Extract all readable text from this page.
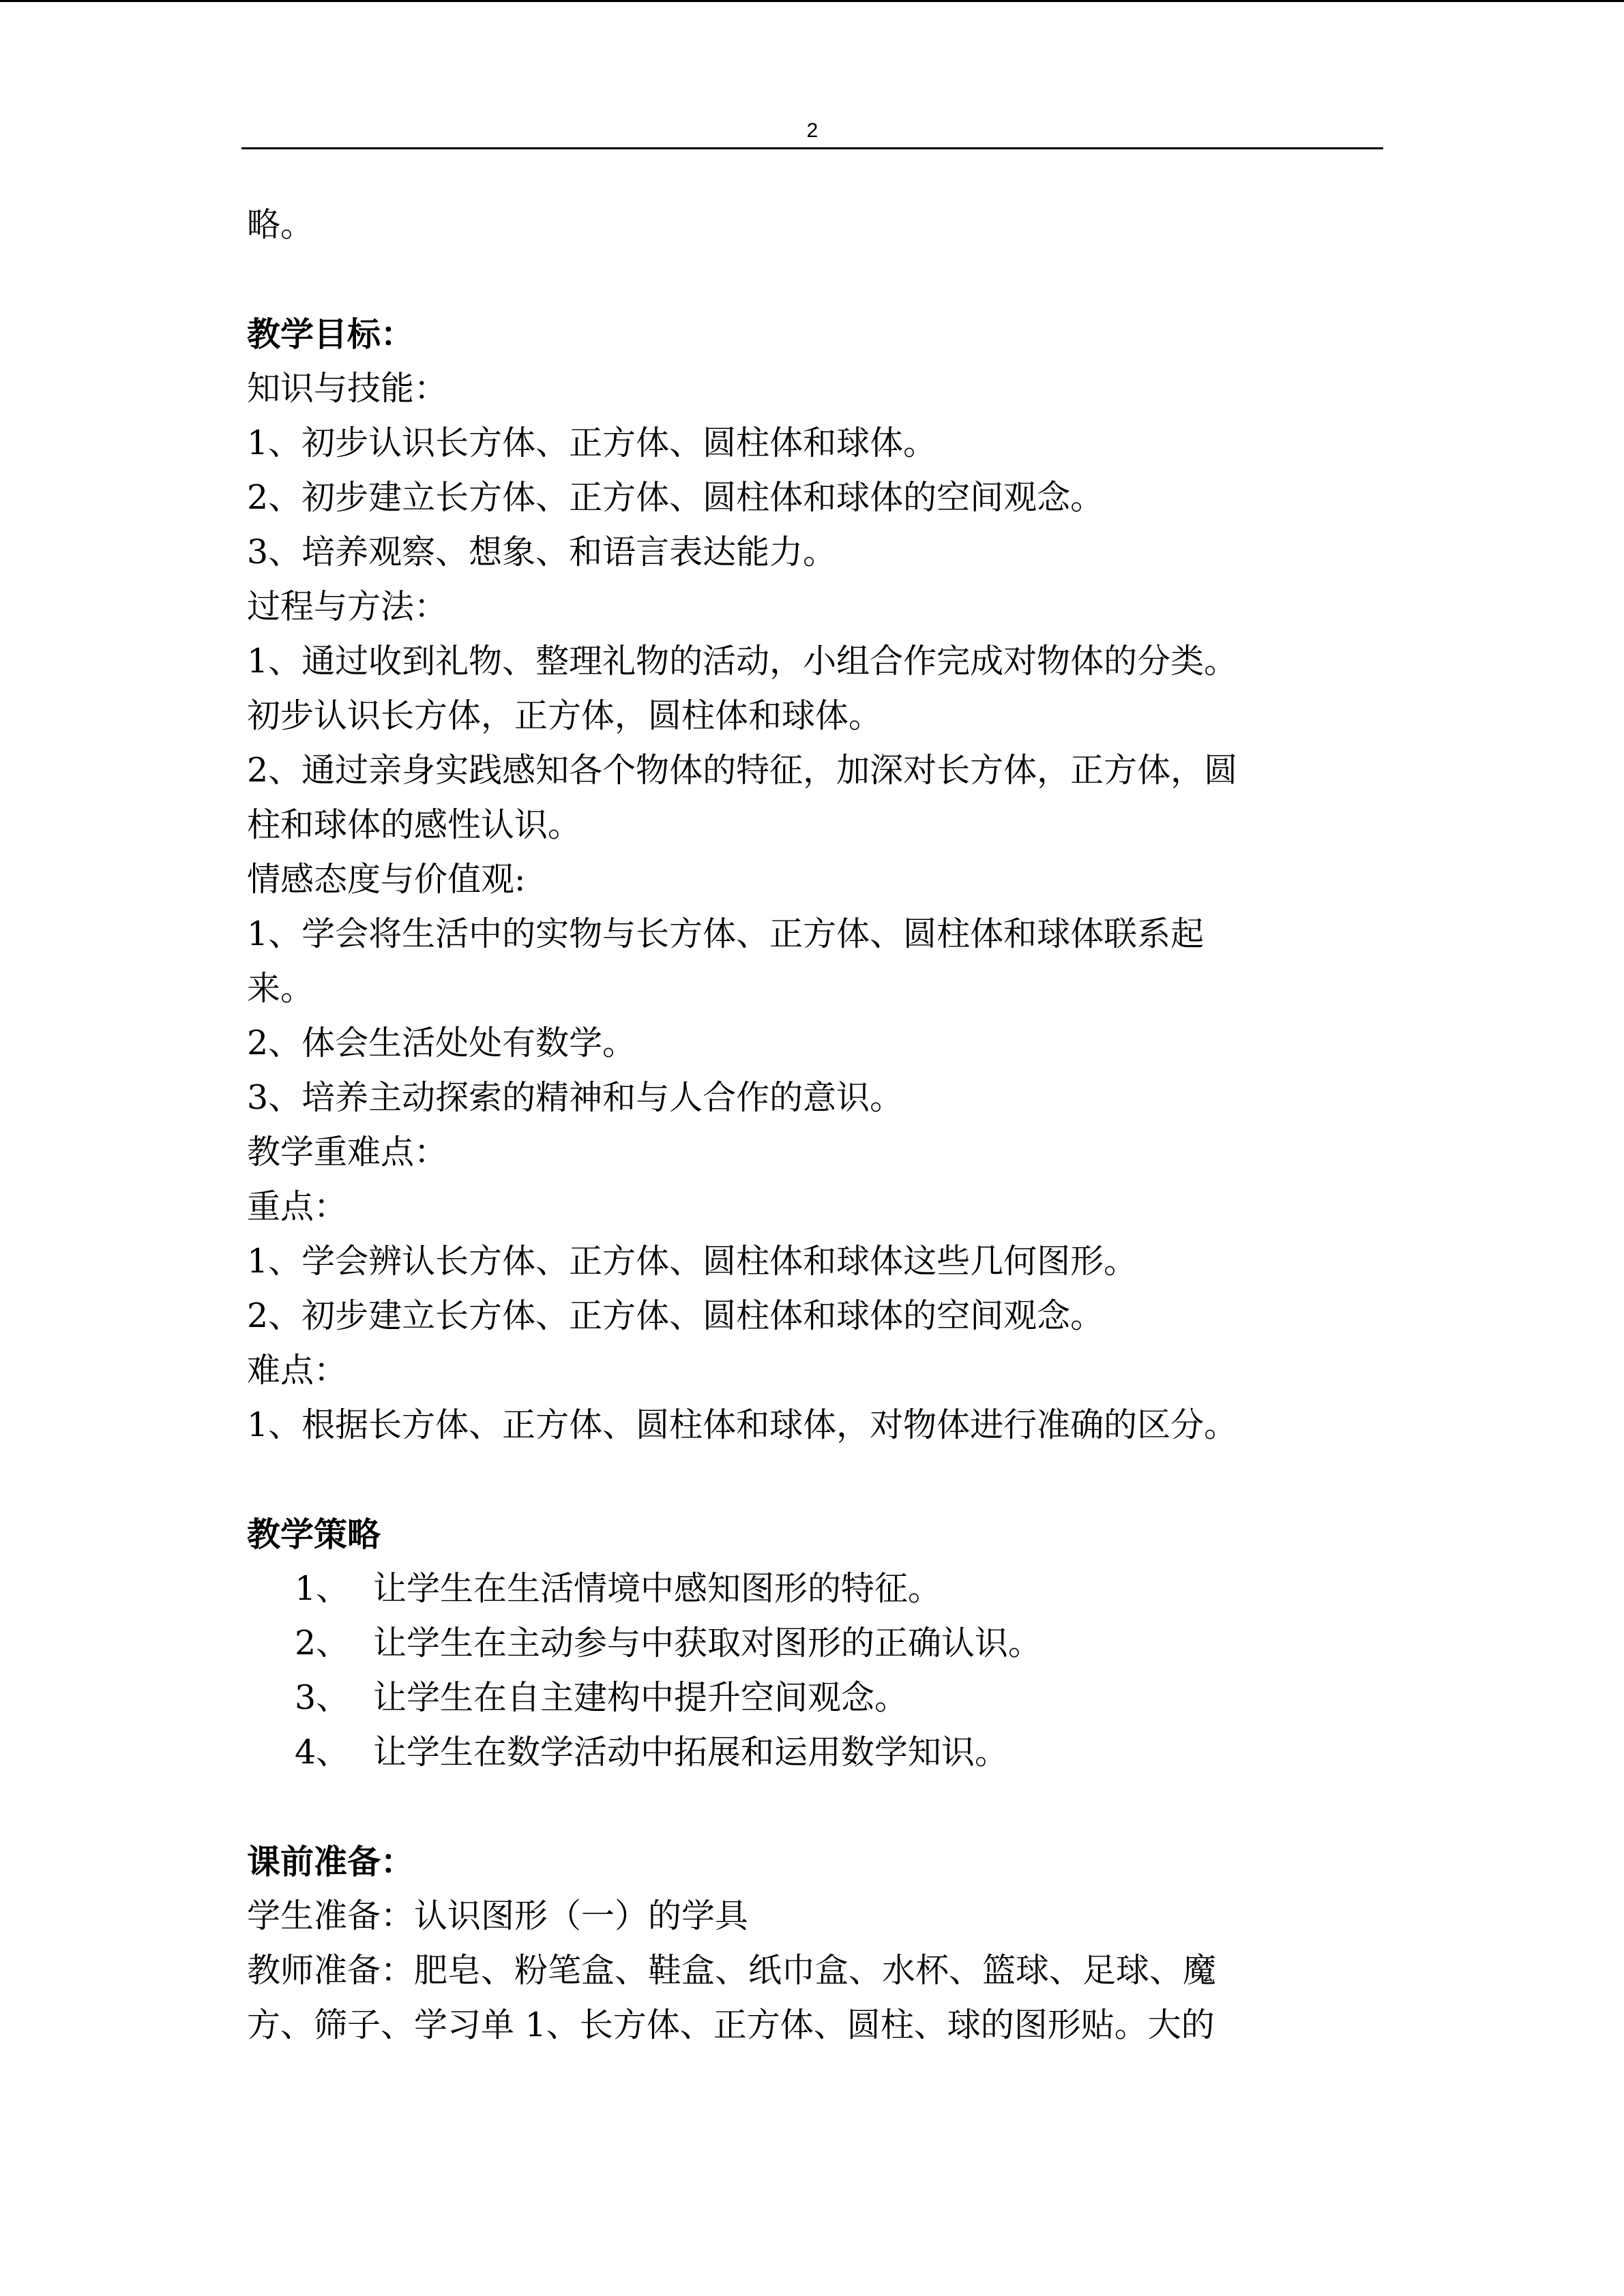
2
略。
教学目标：
知识与技能：
1、初步认识长方体、正方体、圆柱体和球体。
2、初步建立长方体、正方体、圆柱体和球体的空间观念。
3、培养观察、想象、和语言表达能力。
过程与方法：
1、通过收到礼物、整理礼物的活动，小组合作完成对物体的分类。
初步认识长方体，正方体，圆柱体和球体。
2、通过亲身实践感知各个物体的特征，加深对长方体，正方体，圆
柱和球体的感性认识。
情感态度与价值观:
1、学会将生活中的实物与长方体、正方体、圆柱体和球体联系起
来。
2、体会生活处处有数学。
3、培养主动探索的精神和与人合作的意识。
教学重难点：
重点：
1、学会辨认长方体、正方体、圆柱体和球体这些几何图形。
2、初步建立长方体、正方体、圆柱体和球体的空间观念。
难点：
1、根据长方体、正方体、圆柱体和球体，对物体进行准确的区分。
教学策略
1、 让学生在生活情境中感知图形的特征。
2、 让学生在主动参与中获取对图形的正确认识。
3、 让学生在自主建构中提升空间观念。
4、 让学生在数学活动中拓展和运用数学知识。
课前准备：
学生准备：认识图形（一）的学具
教师准备：肥皂、粉笔盒、鞋盒、纸巾盒、水杯、篮球、足球、魔
方、筛子、学习单 1、长方体、正方体、圆柱、球的图形贴。大的
